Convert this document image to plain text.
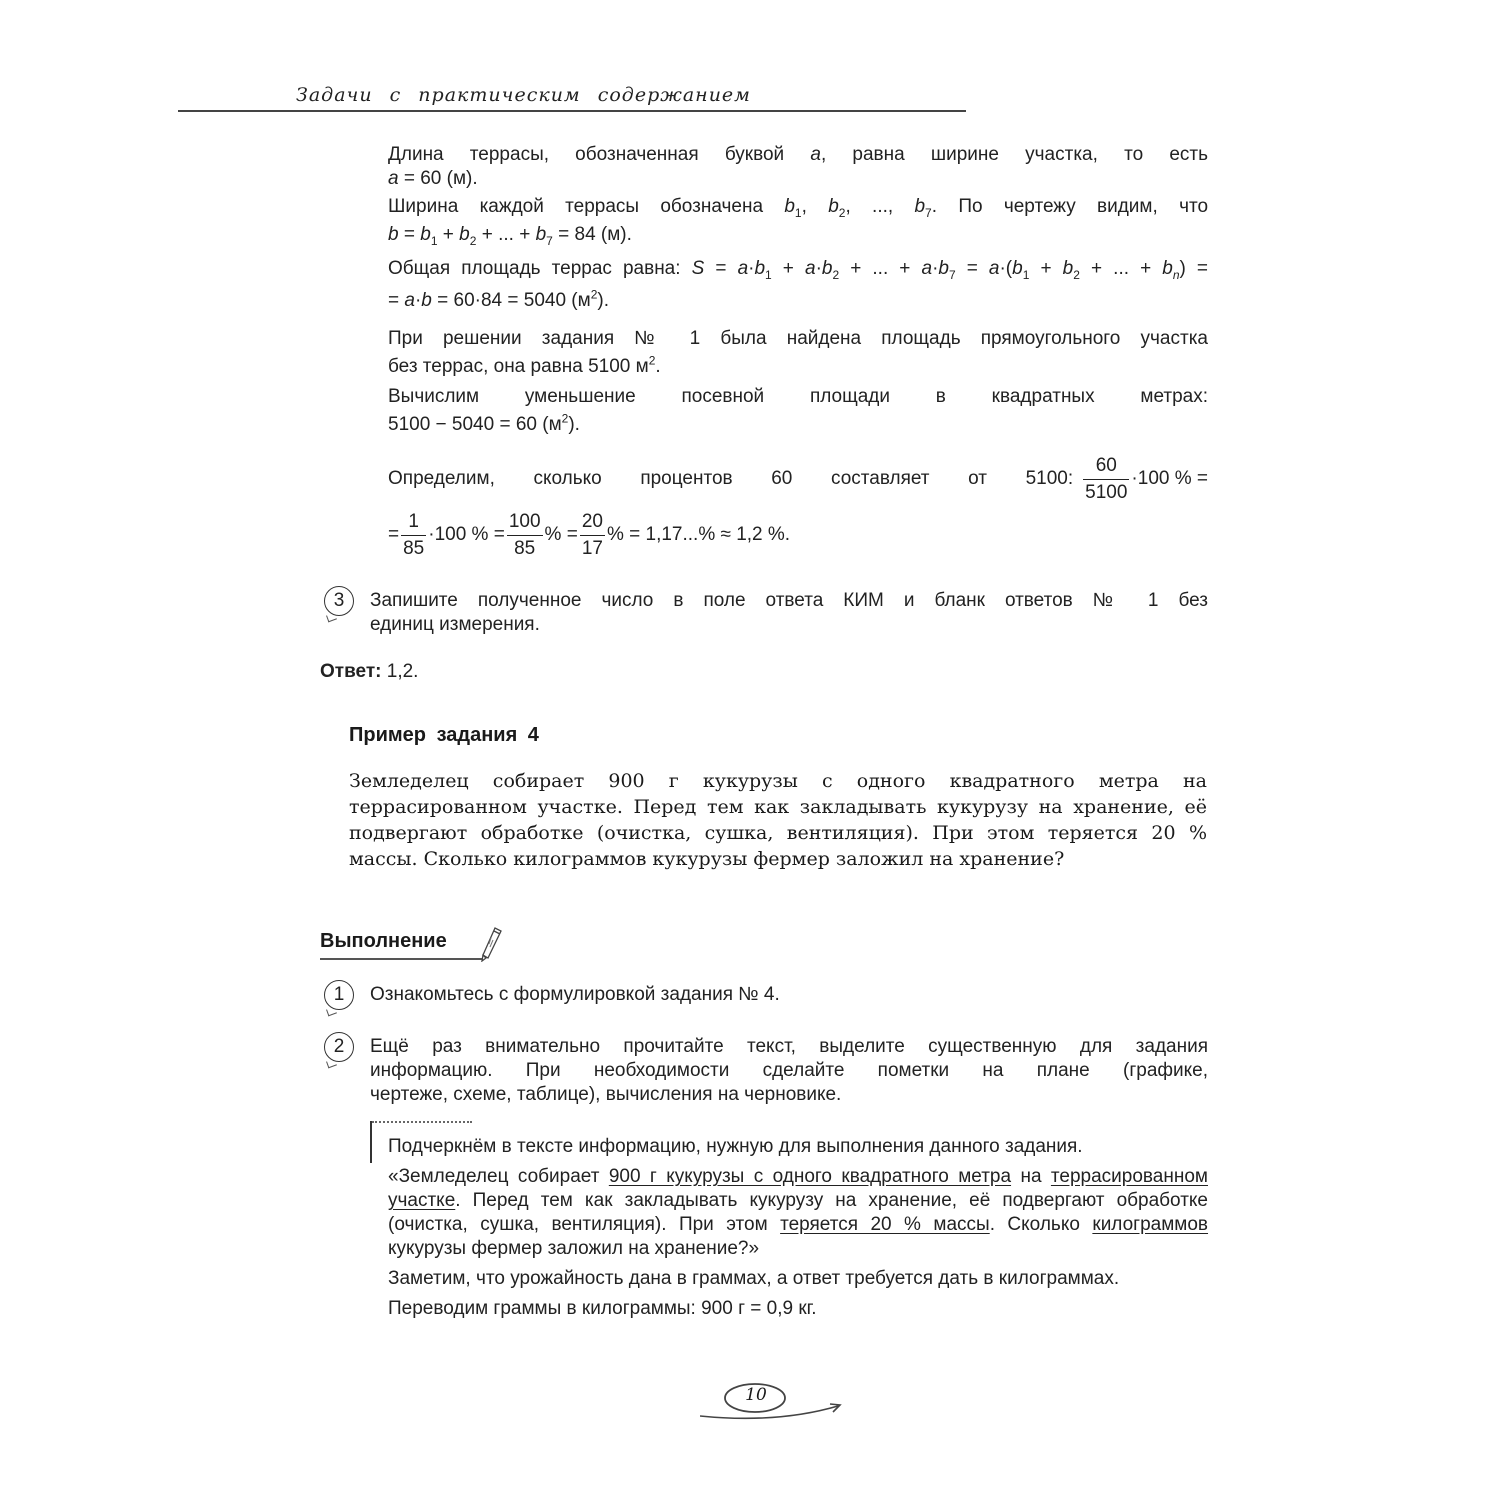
Задачи с практическим содержанием
Длина террасы, обозначенная буквой a, равна ширине участка, то есть
a = 60 (м).
Ширина каждой террасы обозначена $b_1$, $b_2$, ..., $b_7$. По чертежу видим, что
$b = b_1 + b_2$ + ... + $b_7 = 84$ (м).
Общая площадь террас равна: $S = a\cdot b_1 + a\cdot b_2$ + ... + $a\cdot b_7 = a\cdot(b_1 + b_2$ + ... + $b_n$) =
= a·b = 60·84 = 5040 $(м^2)$.
При решении задания № 1 была найдена площадь прямоугольного участка
без террас, она равна 5100 $м^2$.
Вычислим уменьшение посевной площади в квадратных метрах:
5100 − 5040 = 60 $(м^2)$.
Определим, сколько процентов 60 составляет от 5100: $\frac{60}{5100} \cdot 100$ % =
= $\frac{1}{85} \cdot 100$ % = $\frac{100}{85}$ % = $\frac{20}{17}$ % = 1,17...% ≈ 1,2 %.
3	Запишите полученное число в поле ответа КИМ и бланк ответов № 1 без
единиц измерения.
Ответ: 1,2.
Пример задания 4
Земледелец собирает 900 г кукурузы с одного квадратного метра на террасированном участке. Перед тем как закладывать кукурузу на хранение, её подвергают обработке (очистка, сушка, вентиляция). При этом теряется 20 % массы. Сколько килограммов кукурузы фермер заложил на хранение?
Выполнение
1	Ознакомьтесь с формулировкой задания № 4.
2	Ещё раз внимательно прочитайте текст, выделите существенную для задания
информацию. При необходимости сделайте пометки на плане (графике,
чертеже, схеме, таблице), вычисления на черновике.
Подчеркнём в тексте информацию, нужную для выполнения данного задания.
«Земледелец собирает 900 г кукурузы с одного квадратного метра на террасированном участке. Перед тем как закладывать кукурузу на хранение, её подвергают обработке (очистка, сушка, вентиляция). При этом теряется 20 % массы. Сколько килограммов кукурузы фермер заложил на хранение?»
Заметим, что урожайность дана в граммах, а ответ требуется дать в килограммах.
Переводим граммы в килограммы: 900 г = 0,9 кг.
10
